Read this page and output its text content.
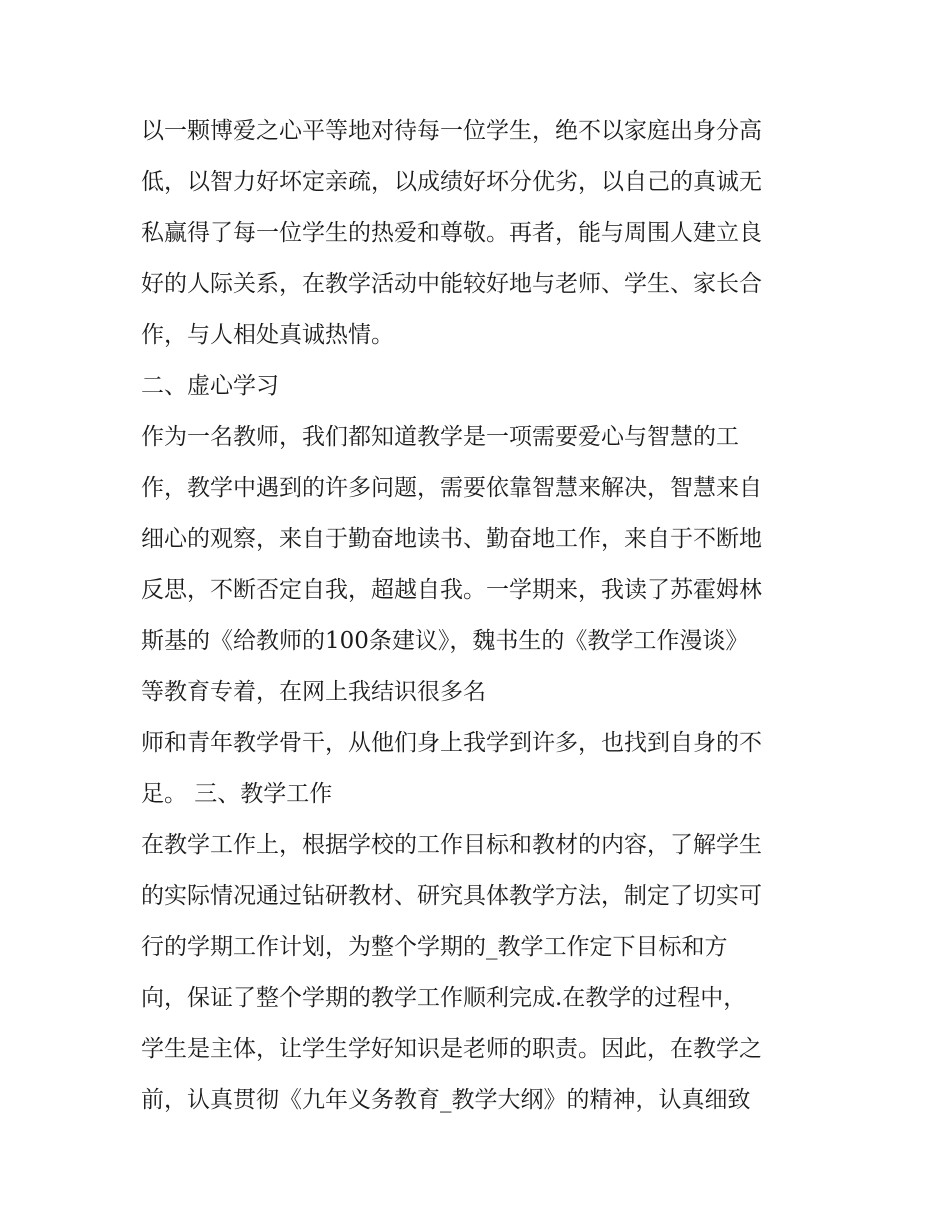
以一颗博爱之心平等地对待每一位学生，绝不以家庭出身分高
低，以智力好坏定亲疏，以成绩好坏分优劣，以自己的真诚无
私赢得了每一位学生的热爱和尊敬。再者，能与周围人建立良
好的人际关系，在教学活动中能较好地与老师、学生、家长合
作，与人相处真诚热情。
二、虚心学习
作为一名教师，我们都知道教学是一项需要爱心与智慧的工
作，教学中遇到的许多问题，需要依靠智慧来解决，智慧来自
细心的观察，来自于勤奋地读书、勤奋地工作，来自于不断地
反思，不断否定自我，超越自我。一学期来，我读了苏霍姆林
斯基的《给教师的100条建议》，魏书生的《教学工作漫谈》
等教育专着，在网上我结识很多名
师和青年教学骨干，从他们身上我学到许多，也找到自身的不
足。 三、教学工作
在教学工作上，根据学校的工作目标和教材的内容，了解学生
的实际情况通过钻研教材、研究具体教学方法，制定了切实可
行的学期工作计划，为整个学期的_教学工作定下目标和方
向，保证了整个学期的教学工作顺利完成.在教学的过程中，
学生是主体，让学生学好知识是老师的职责。因此，在教学之
前，认真贯彻《九年义务教育_教学大纲》的精神，认真细致
